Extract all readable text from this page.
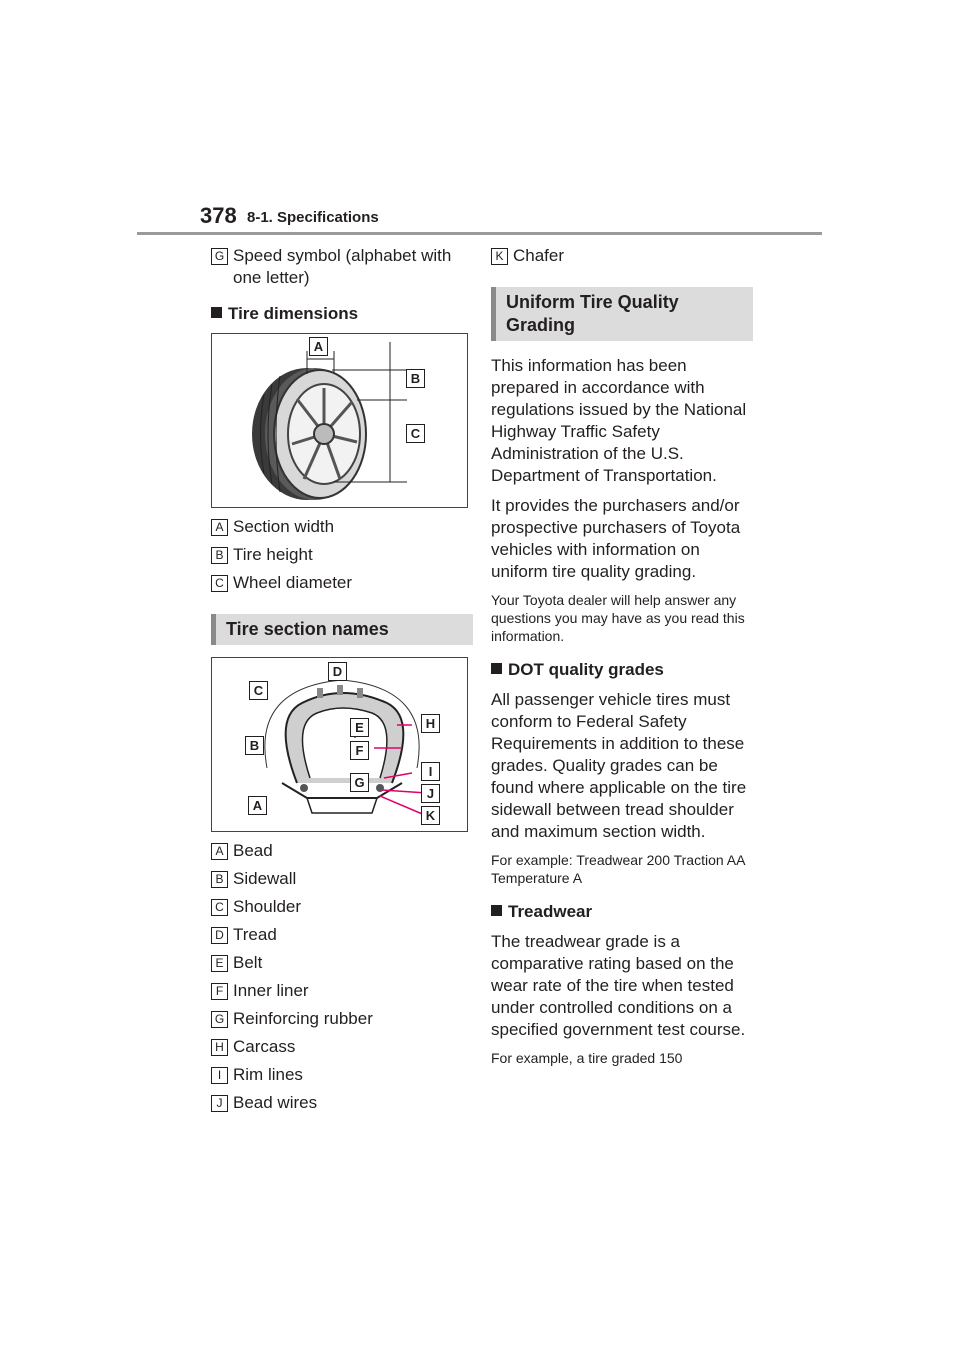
378 8-1. Specifications
G Speed symbol (alphabet with one letter)
Tire dimensions
A
B
C
A Section width
B Tire height
C Wheel diameter
Tire section names
A
B
C
D
E
F
G
H
I
J
K
A Bead
B Sidewall
C Shoulder
D Tread
E Belt
F Inner liner
G Reinforcing rubber
H Carcass
I Rim lines
J Bead wires
K Chafer
Uniform Tire Quality Grading

This information has been prepared in accordance with regulations issued by the National Highway Traffic Safety Administration of the U.S. Department of Transportation.

It provides the purchasers and/or prospective purchasers of Toyota vehicles with information on uniform tire quality grading.

Your Toyota dealer will help answer any questions you may have as you read this information.

DOT quality grades

All passenger vehicle tires must conform to Federal Safety Requirements in addition to these grades. Quality grades can be found where applicable on the tire sidewall between tread shoulder and maximum section width.

For example: Treadwear 200 Traction AA Temperature A

Treadwear

The treadwear grade is a comparative rating based on the wear rate of the tire when tested under controlled conditions on a specified government test course.

For example, a tire graded 150
